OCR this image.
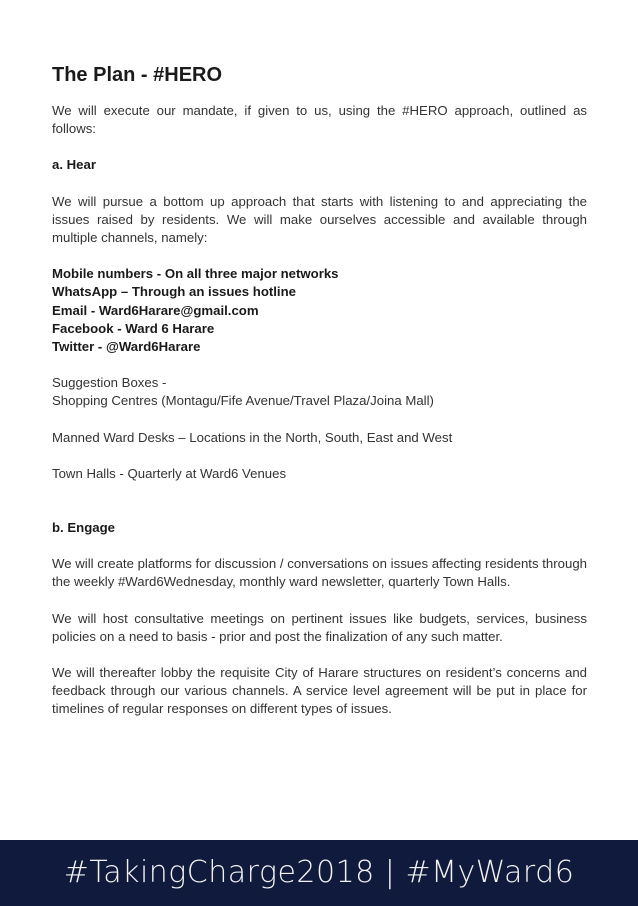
The Plan - #HERO

We will execute our mandate, if given to us, using the #HERO approach, outlined as follows:

a. Hear

We will pursue a bottom up approach that starts with listening to and appreciating the issues raised by residents. We will make ourselves accessible and available through multiple channels, namely:

Mobile numbers - On all three major networks

WhatsApp – Through an issues hotline

Email - Ward6Harare@gmail.com

Facebook - Ward 6 Harare

Twitter - @Ward6Harare

Suggestion Boxes -

Shopping Centres (Montagu/Fife Avenue/Travel Plaza/Joina Mall)

Manned Ward Desks – Locations in the North, South, East and West

Town Halls - Quarterly at Ward6 Venues

b. Engage

We will create platforms for discussion / conversations on issues affecting residents through the weekly #Ward6Wednesday, monthly ward newsletter, quarterly Town Halls.

We will host consultative meetings on pertinent issues like budgets, services, business policies on a need to basis - prior and post the finalization of any such matter.

We will thereafter lobby the requisite City of Harare structures on resident’s concerns and feedback through our various channels. A service level agreement will be put in place for timelines of regular responses on different types of issues.

#TakingCharge2018 | #MyWard6
